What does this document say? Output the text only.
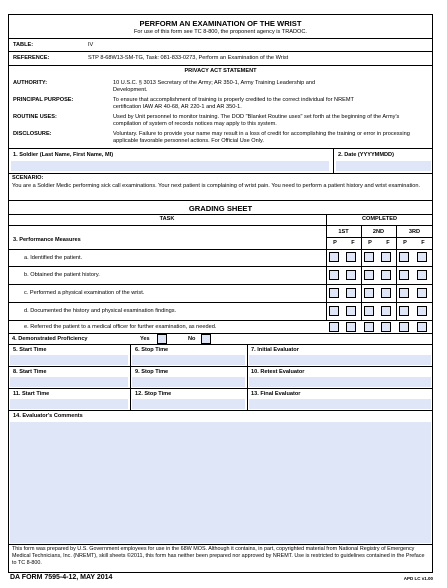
PERFORM AN EXAMINATION OF THE WRIST
For use of this form see TC 8-800, the proponent agency is TRADOC.
TABLE:	IV
REFERENCE:	STP 8-68W13-SM-TG, Task: 081-833-0273, Perform an Examination of the Wrist
PRIVACY ACT STATEMENT
AUTHORITY:	10 U.S.C. § 3013 Secretary of the Army; AR 350-1, Army Training Leadership and Development.
PRINCIPAL PURPOSE:	To ensure that accomplishment of training is properly credited to the correct individual for NREMT certification IAW AR 40-68, AR 220-1 and AR 350-1.
ROUTINE USES:	Used by Unit personnel to monitor training. The DOD "Blanket Routine uses" set forth at the beginning of the Army's compilation of system of records notices may apply to this system.
DISCLOSURE:	Voluntary. Failure to provide your name may result in a loss of credit for accomplishing the training or error in processing applicable favorable personnel actions. For Official Use Only.
1. Soldier (Last Name, First Name, MI)	2. Date (YYYYMMDD)
SCENARIO:
You are a Soldier Medic performing sick call examinations. Your next patient is complaining of wrist pain. You need to perform a patient history and wrist examination.
GRADING SHEET
TASK	COMPLETED
1ST	2ND	3RD
P	F	P	F	P	F
3. Performance Measures
a. Identified the patient.
b. Obtained the patient history.
c. Performed a physical examination of the wrist.
d. Documented the history and physical examination findings.
e. Referred the patient to a medical officer for further examination, as needed.
4. Demonstrated Proficiency	Yes	No
5. Start Time	6. Stop Time	7. Initial Evaluator
8. Start Time	9. Stop Time	10. Retest Evaluator
11. Start Time	12. Stop Time	13. Final Evaluator
14. Evaluator's Comments
This form was prepared by U.S. Government employees for use in the 68W MOS. Although it contains, in part, copyrighted material from National Registry of Emergency Medical Technicians, Inc. (NREMT), skill sheets ©2011, this form has neither been prepared nor approved by NREMT. Use is restricted to guidelines contained in the Preface to TC 8-800.
DA FORM 7595-4-12, MAY 2014	APD LC v1.00
